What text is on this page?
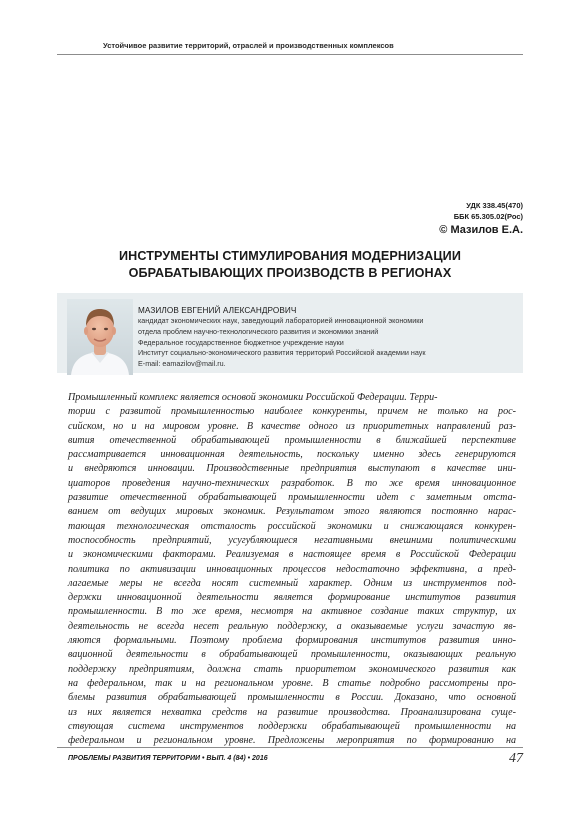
Устойчивое развитие территорий, отраслей и производственных комплексов
УДК 338.45(470)
ББК 65.305.02(Рос)
© Мазилов Е.А.
ИНСТРУМЕНТЫ СТИМУЛИРОВАНИЯ МОДЕРНИЗАЦИИ
ОБРАБАТЫВАЮЩИХ ПРОИЗВОДСТВ В РЕГИОНАХ
МАЗИЛОВ ЕВГЕНИЙ АЛЕКСАНДРОВИЧ
кандидат экономических наук, заведующий лабораторией инновационной экономики
отдела проблем научно-технологического развития и экономики знаний
Федеральное государственное бюджетное учреждение науки
Институт социально-экономического развития территорий Российской академии наук
E-mail: eamazilov@mail.ru.
Промышленный комплекс является основой экономики Российской Федерации. Терри-
тории с развитой промышленностью наиболее конкуренты, причем не только на рос-
сийском, но и на мировом уровне. В качестве одного из приоритетных направлений раз-
вития отечественной обрабатывающей промышленности в ближайшей перспективе
рассматривается инновационная деятельность, поскольку именно здесь генерируются
и внедряются инновации. Производственные предприятия выступают в качестве ини-
циаторов проведения научно-технических разработок. В то же время инновационное
развитие отечественной обрабатывающей промышленности идет с заметным отста-
ванием от ведущих мировых экономик. Результатом этого являются постоянно нарас-
тающая технологическая отсталость российской экономики и снижающаяся конкурен-
тоспособность предприятий, усугубляющиеся негативными внешними политическими
и экономическими факторами. Реализуемая в настоящее время в Российской Федерации
политика по активизации инновационных процессов недостаточно эффективна, а пред-
лагаемые меры не всегда носят системный характер. Одним из инструментов под-
держки инновационной деятельности является формирование институтов развития
промышленности. В то же время, несмотря на активное создание таких структур, их
деятельность не всегда несет реальную поддержку, а оказываемые услуги зачастую яв-
ляются формальными. Поэтому проблема формирования институтов развития инно-
вационной деятельности в обрабатывающей промышленности, оказывающих реальную
поддержку предприятиям, должна стать приоритетом экономического развития как
на федеральном, так и на региональном уровне. В статье подробно рассмотрены про-
блемы развития обрабатывающей промышленности в России. Доказано, что основной
из них является нехватка средств на развитие производства. Проанализирована суще-
ствующая система инструментов поддержки обрабатывающей промышленности на
федеральном и региональном уровне. Предложены мероприятия по формированию на
ПРОБЛЕМЫ РАЗВИТИЯ ТЕРРИТОРИИ • ВЫП. 4 (84) • 2016	47
